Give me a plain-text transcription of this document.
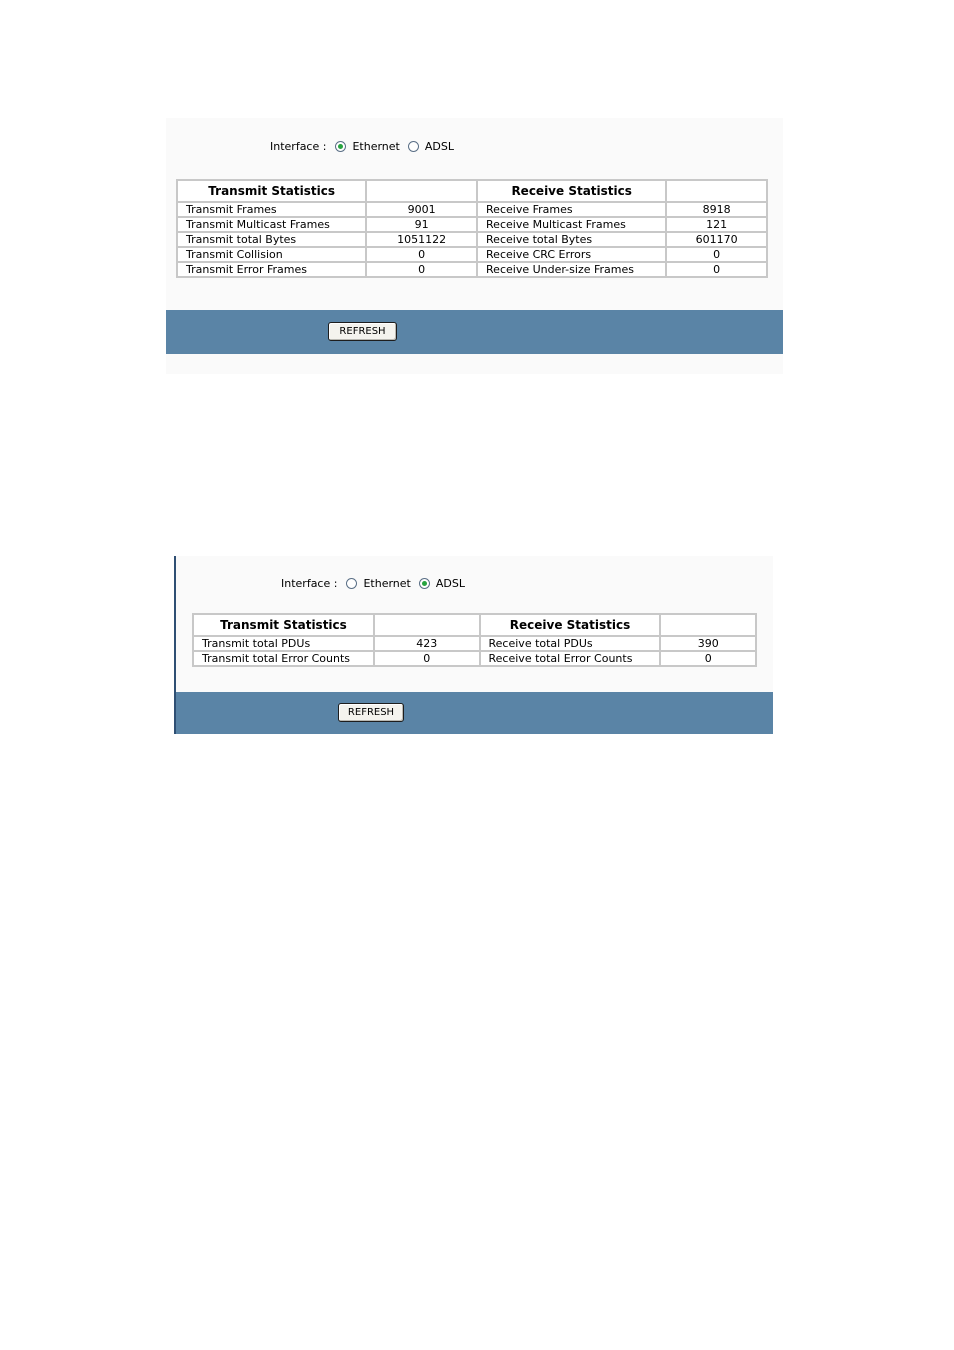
Interface : Ethernet ADSL
Transmit Statistics		Receive Statistics	
Transmit Frames	9001	Receive Frames	8918
Transmit Multicast Frames	91	Receive Multicast Frames	121
Transmit total Bytes	1051122	Receive total Bytes	601170
Transmit Collision	0	Receive CRC Errors	0
Transmit Error Frames	0	Receive Under-size Frames	0
REFRESH
Interface : Ethernet ADSL
Transmit Statistics		Receive Statistics	
Transmit total PDUs	423	Receive total PDUs	390
Transmit total Error Counts	0	Receive total Error Counts	0
REFRESH
